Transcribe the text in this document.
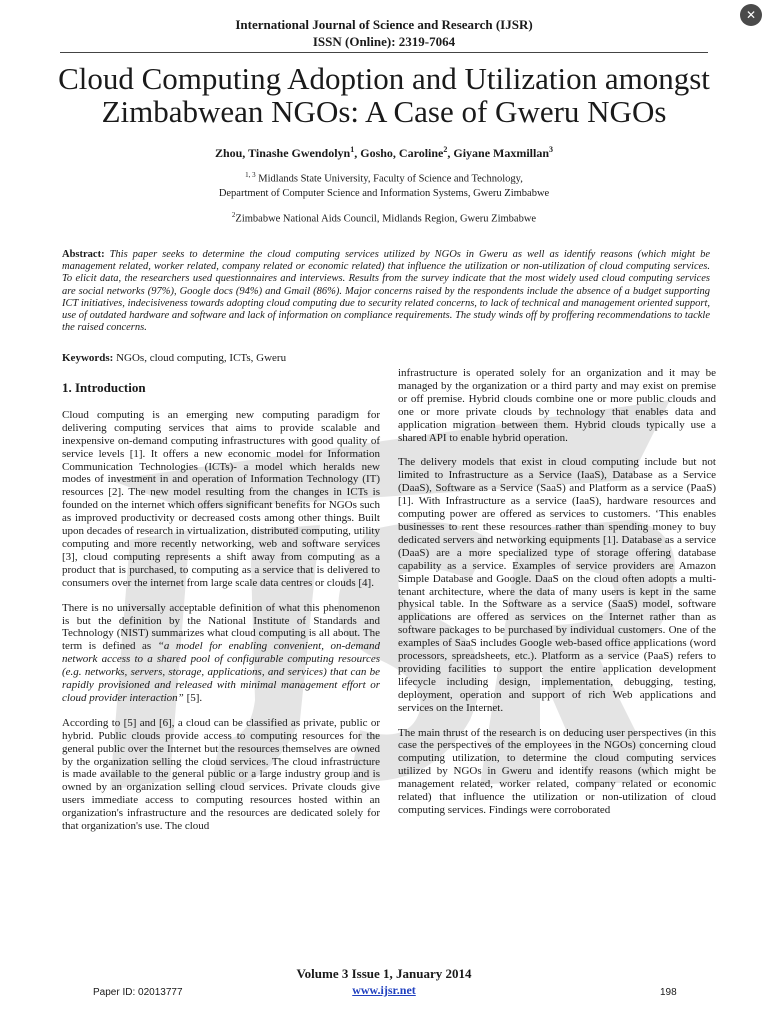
✕
International Journal of Science and Research (IJSR)
ISSN (Online): 2319-7064
Cloud Computing Adoption and Utilization amongst
Zimbabwean NGOs: A Case of Gweru NGOs
Zhou, Tinashe Gwendolyn$^1$, Gosho, Caroline$^2$, Giyane Maxmillan$^3$
$^{1, 3}$ Midlands State University, Faculty of Science and Technology,
Department of Computer Science and Information Systems, Gweru Zimbabwe
$^2$Zimbabwe National Aids Council, Midlands Region, Gweru Zimbabwe
Abstract: This paper seeks to determine the cloud computing services utilized by NGOs in Gweru as well as identify reasons (which might be management related, worker related, company related or economic related) that influence the utilization or non-utilization of cloud computing services. To elicit data, the researchers used questionnaires and interviews. Results from the survey indicate that the most widely used cloud computing services are social networks (97%), Google docs (94%) and Gmail (86%). Major concerns raised by the respondents include the absence of a budget supporting ICT initiatives, indecisiveness towards adopting cloud computing due to security related concerns, to lack of technical and management oriented support, use of outdated hardware and software and lack of information on compliance requirements. The study winds off by proffering recommendations to tackle the raised concerns.
Keywords: NGOs, cloud computing, ICTs, Gweru
1. Introduction

Cloud computing is an emerging new computing paradigm for delivering computing services that aims to provide scalable and inexpensive on-demand computing infrastructures with good quality of service levels [1]. It offers a new economic model for Information Communication Technologies (ICTs)- a model which heralds new modes of investment in and operation of Information Technology (IT) resources [2]. The new model resulting from the changes in ICTs is founded on the internet which offers significant benefits for NGOs such as improved productivity or decreased costs among other things. Built upon decades of research in virtualization, distributed computing, utility computing and more recently networking, web and software services [3], cloud computing represents a shift away from computing as a product that is purchased, to computing as a service that is delivered to consumers over the internet from large scale data centres or clouds [4].

There is no universally acceptable definition of what this phenomenon is but the definition by the National Institute of Standards and Technology (NIST) summarizes what cloud computing is all about. The term is defined as “a model for enabling convenient, on-demand network access to a shared pool of configurable computing resources (e.g. networks, servers, storage, applications, and services) that can be rapidly provisioned and released with minimal management effort or cloud provider interaction” [5].

According to [5] and [6], a cloud can be classified as private, public or hybrid. Public clouds provide access to computing resources for the general public over the Internet but the resources themselves are owned by the organization selling the cloud services. The cloud infrastructure is made available to the general public or a large industry group and is owned by an organization selling cloud services. Private clouds give users immediate access to computing resources hosted within an organization's infrastructure and the resources are dedicated solely for that organization's use. The cloud

infrastructure is operated solely for an organization and it may be managed by the organization or a third party and may exist on premise or off premise. Hybrid clouds combine one or more public clouds and one or more private clouds by technology that enables data and application migration between them. Hybrid clouds typically use a shared API to enable hybrid operation.

The delivery models that exist in cloud computing include but not limited to Infrastructure as a Service (IaaS), Database as a Service (DaaS), Software as a Service (SaaS) and Platform as a service (PaaS) [1]. With Infrastructure as a service (IaaS), hardware resources and computing power are offered as services to customers. ‘This enables businesses to rent these resources rather than spending money to buy dedicated servers and networking equipments [1]. Database as a service (DaaS) are a more specialized type of storage offering database capability as a service. Examples of service providers are Amazon Simple Database and Google. DaaS on the cloud often adopts a multi-tenant architecture, where the data of many users is kept in the same physical table. In the Software as a service (SaaS) model, software applications are offered as services on the Internet rather than as software packages to be purchased by individual customers. One of the examples of SaaS includes Google web-based office applications (word processors, spreadsheets, etc.). Platform as a service (PaaS) refers to providing facilities to support the entire application development lifecycle including design, implementation, debugging, testing, deployment, operation and support of rich Web applications and services on the Internet.

The main thrust of the research is on deducing user perspectives (in this case the perspectives of the employees in the NGOs) concerning cloud computing utilization, to determine the cloud computing services utilized by NGOs in Gweru and identify reasons (which might be management related, worker related, company related or economic related) that influence the utilization or non-utilization of cloud computing services. Findings were corroborated

Volume 3 Issue 1, January 2014
www.ijsr.net
Paper ID: 02013777	198
